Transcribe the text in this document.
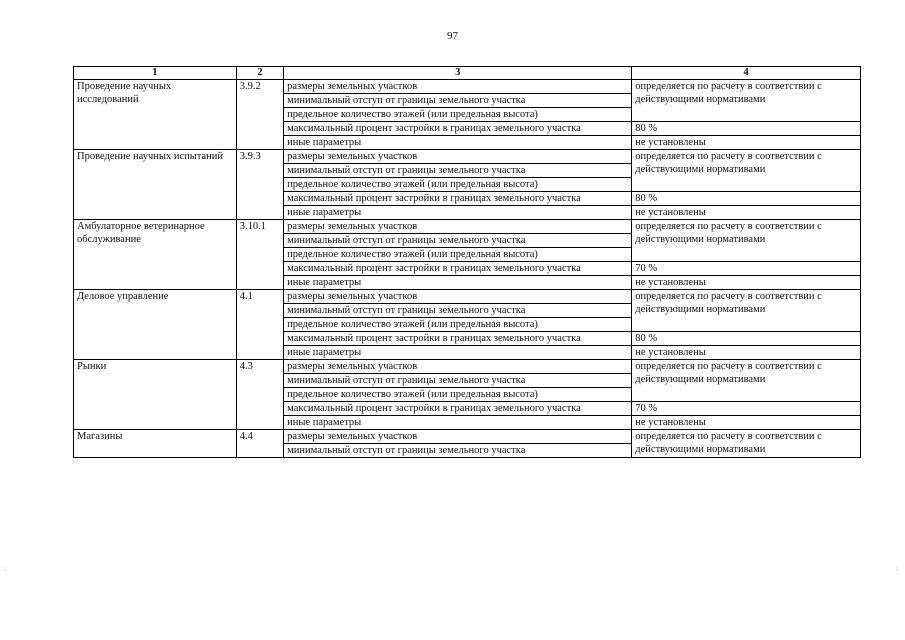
97
1	2	3	4
Проведение научных исследований	3.9.2	размеры земельных участков	определяется по расчету в соответствии с действующими нормативами
		минимальный отступ от границы земельного участка	
		предельное количество этажей (или предельная высота)	
		максимальный процент застройки в границах земельного участка	80 %
		иные параметры	не установлены
Проведение научных испытаний	3.9.3	размеры земельных участков	определяется по расчету в соответствии с действующими нормативами
		минимальный отступ от границы земельного участка	
		предельное количество этажей (или предельная высота)	
		максимальный процент застройки в границах земельного участка	80 %
		иные параметры	не установлены
Амбулаторное ветеринарное обслуживание	3.10.1	размеры земельных участков	определяется по расчету в соответствии с действующими нормативами
		минимальный отступ от границы земельного участка	
		предельное количество этажей (или предельная высота)	
		максимальный процент застройки в границах земельного участка	70 %
		иные параметры	не установлены
Деловое управление	4.1	размеры земельных участков	определяется по расчету в соответствии с действующими нормативами
		минимальный отступ от границы земельного участка	
		предельное количество этажей (или предельная высота)	
		максимальный процент застройки в границах земельного участка	80 %
		иные параметры	не установлены
Рынки	4.3	размеры земельных участков	определяется по расчету в соответствии с действующими нормативами
		минимальный отступ от границы земельного участка	
		предельное количество этажей (или предельная высота)	
		максимальный процент застройки в границах земельного участка	70 %
		иные параметры	не установлены
Магазины	4.4	размеры земельных участков	определяется по расчету в соответствии с действующими нормативами
		минимальный отступ от границы земельного участка	
:	:
